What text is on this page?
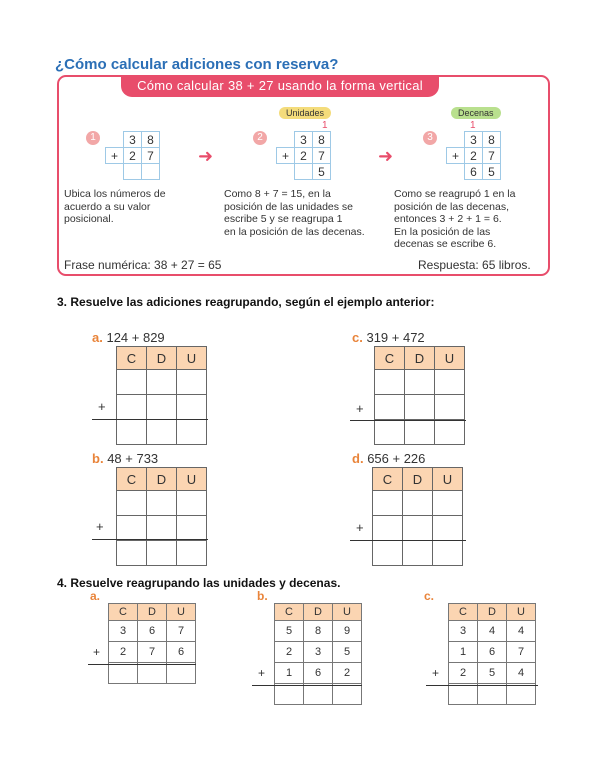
¿Cómo calcular adiciones con reserva?
Cómo calcular 38 + 27 usando la forma vertical
1
		3	8
+	2	7
		➜
Unidades
1
2
		3	8
+	2	7
		5
➜
Decenas
1
3
		3	8
+	2	7
	6	5
Ubica los números de
acuerdo a su valor
posicional.
Como 8 + 7 = 15, en la
posición de las unidades se
escribe 5 y se reagrupa 1
en la posición de las decenas.
Como se reagrupó 1 en la
posición de las decenas,
entonces 3 + 2 + 1 = 6.
En la posición de las
decenas se escribe 6.
Frase numérica: 38 + 27 = 65	Respuesta: 65 libros.
3. Resuelve las adiciones reagrupando, según el ejemplo anterior:
a. 124 + 829
C	D	U

+
c. 319 + 472
C	D	U

+
b. 48 + 733
C	D	U

+
d. 656 + 226
C	D	U

+
4. Resuelve reagrupando las unidades y decenas.
a.
C	D	U
3	6	7
2	7	6

+
b.
C	D	U
5	8	9
2	3	5
1	6	2

+
c.
C	D	U
3	4	4
1	6	7
2	5	4

+
